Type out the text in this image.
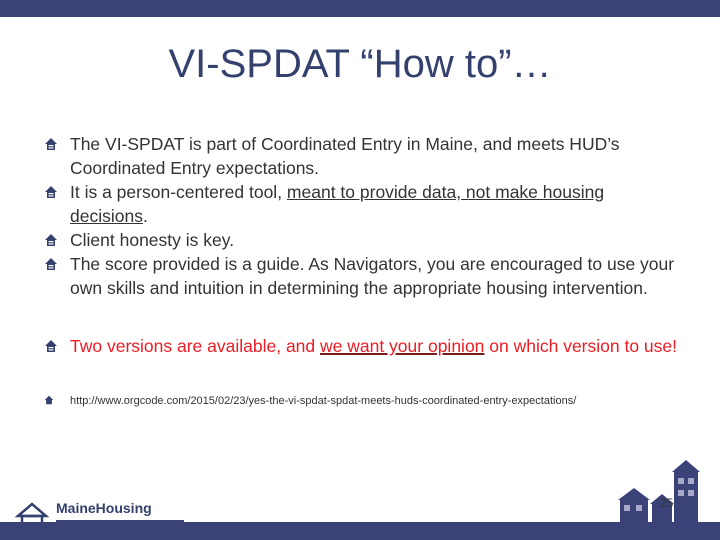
VI-SPDAT “How to”…
The VI-SPDAT is part of Coordinated Entry in Maine, and meets HUD’s Coordinated Entry expectations.
It is a person-centered tool, meant to provide data, not make housing decisions.
Client honesty is key.
The score provided is a guide. As Navigators, you are encouraged to use your own skills and intuition in determining the appropriate housing intervention.
Two versions are available, and we want your opinion on which version to use!
http://www.orgcode.com/2015/02/23/yes-the-vi-spdat-spdat-meets-huds-coordinated-entry-expectations/
MaineHousing	25
